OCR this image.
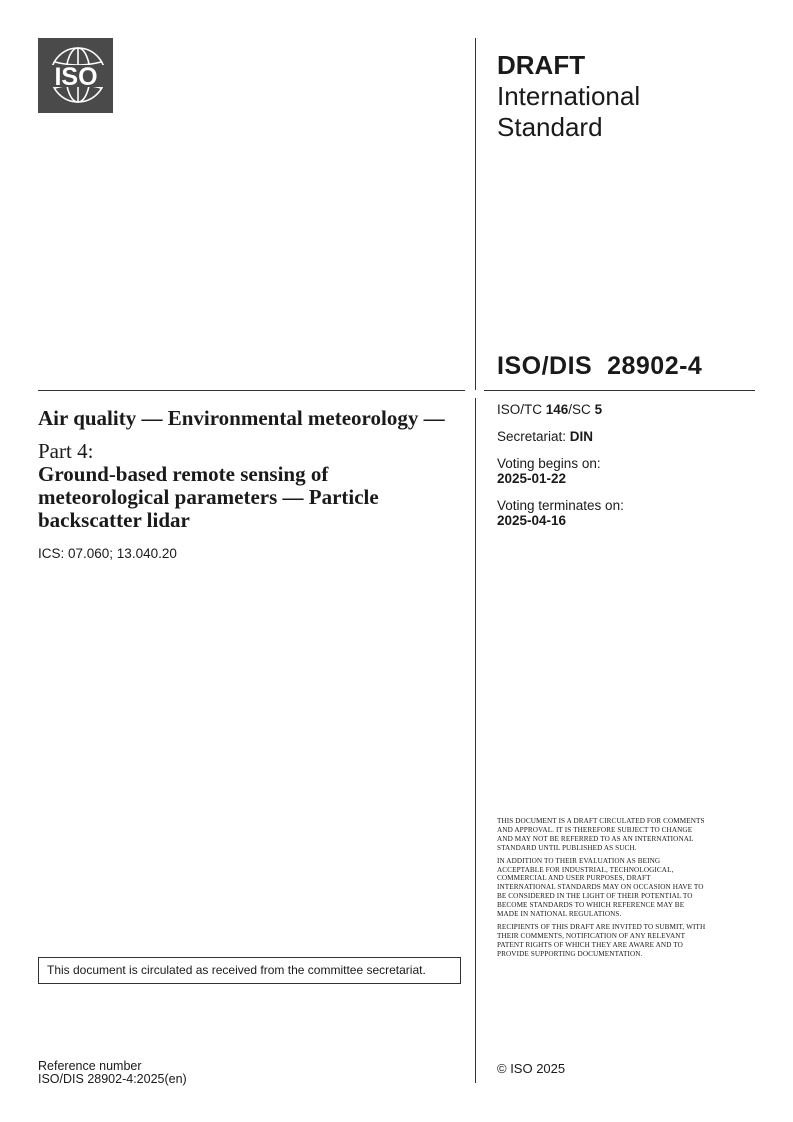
ISO	DRAFT
International
Standard
ISO/DIS  28902-4
Air quality — Environmental meteorology —

Part 4:

Ground-based remote sensing of meteorological parameters — Particle backscatter lidar

ICS: 07.060; 13.040.20
ISO/TC 146/SC 5
Secretariat: DIN
Voting begins on:
2025-01-22
Voting terminates on:
2025-04-16

THIS DOCUMENT IS A DRAFT CIRCULATED FOR COMMENTS AND APPROVAL. IT IS THEREFORE SUBJECT TO CHANGE AND MAY NOT BE REFERRED TO AS AN INTERNATIONAL STANDARD UNTIL PUBLISHED AS SUCH.

IN ADDITION TO THEIR EVALUATION AS BEING ACCEPTABLE FOR INDUSTRIAL, TECHNOLOGICAL, COMMERCIAL AND USER PURPOSES, DRAFT INTERNATIONAL STANDARDS MAY ON OCCASION HAVE TO BE CONSIDERED IN THE LIGHT OF THEIR POTENTIAL TO BECOME STANDARDS TO WHICH REFERENCE MAY BE MADE IN NATIONAL REGULATIONS.

RECIPIENTS OF THIS DRAFT ARE INVITED TO SUBMIT, WITH THEIR COMMENTS, NOTIFICATION OF ANY RELEVANT PATENT RIGHTS OF WHICH THEY ARE AWARE AND TO PROVIDE SUPPORTING DOCUMENTATION.

This document is circulated as received from the committee secretariat.
Reference number
ISO/DIS 28902-4:2025(en)
© ISO 2025
